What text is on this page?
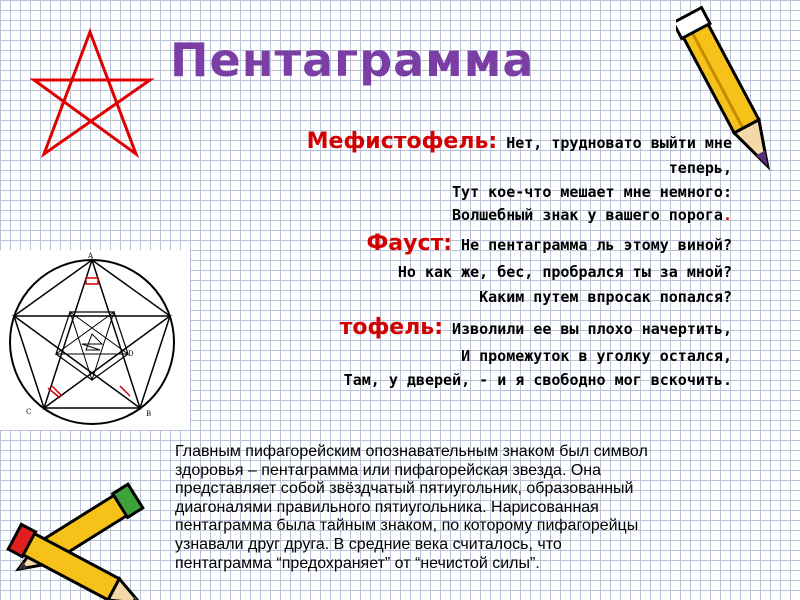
Пентаграмма
A
B
C
D
Мефистофель: Нет, трудновато выйти мне
теперь,
Тут кое-что мешает мне немного:
Волшебный знак у вашего порога.
Фауст: Не пентаграмма ль этому виной?
Но как же, бес, пробрался ты за мной?
Каким путем впросак попался?
тофель: Изволили ее вы плохо начертить,
И промежуток в уголку остался,
Там, у дверей, - и я свободно мог вскочить.
Главным пифагорейским опознавательным знаком был символ
здоровья – пентаграмма или пифагорейская звезда. Она
представляет собой звёздчатый пятиугольник, образованный
диагоналями правильного пятиугольника. Нарисованная
пентаграмма была тайным знаком, по которому пифагорейцы
узнавали друг друга. В средние века считалось, что
пентаграмма “предохраняет” от “нечистой силы”.
